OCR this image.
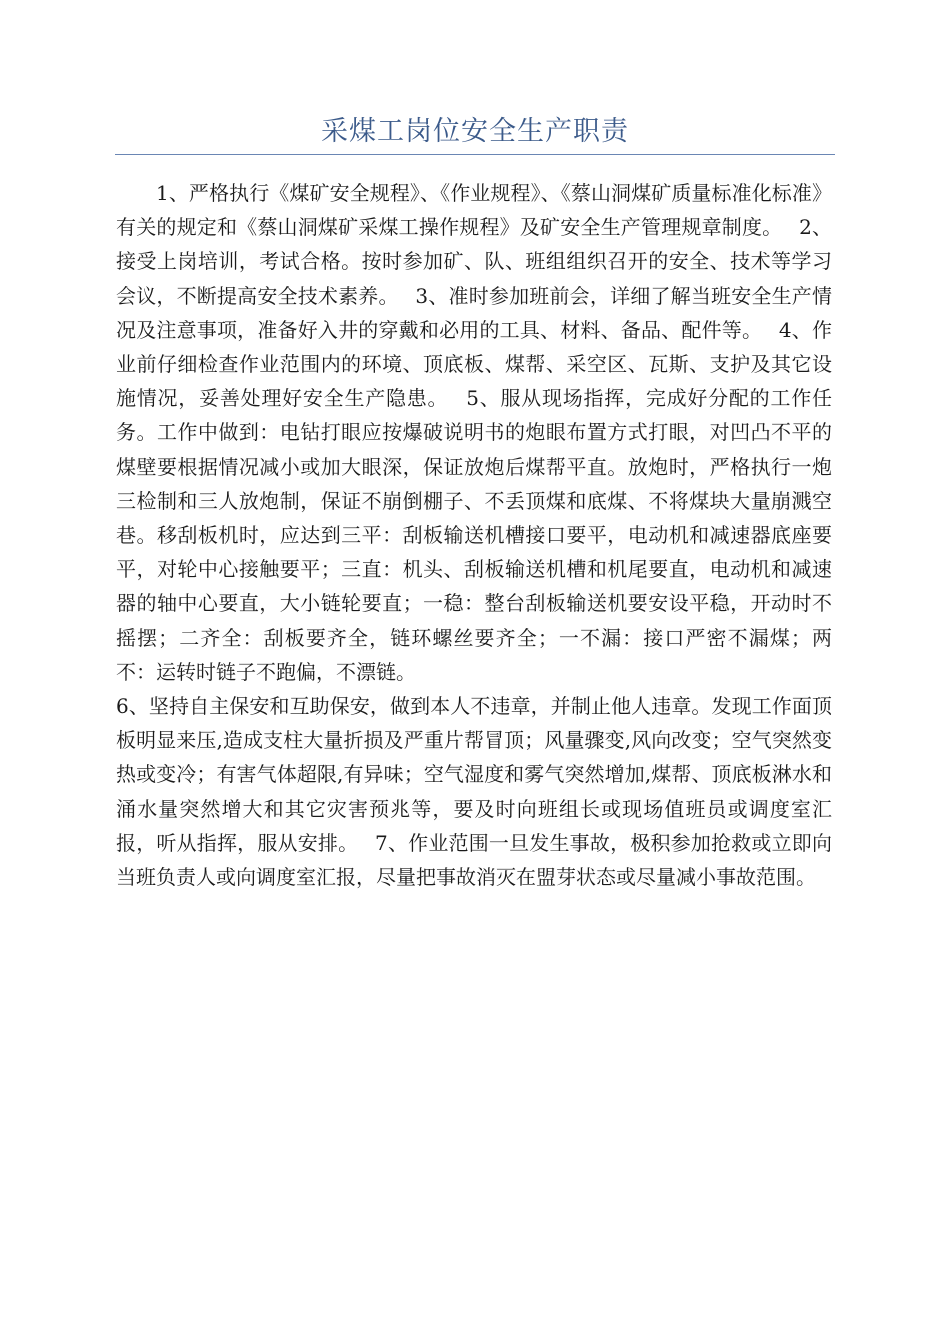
采煤工岗位安全生产职责

1、严格执行《煤矿安全规程》、《作业规程》、《蔡山洞煤矿质量标准化标准》有关的规定和《蔡山洞煤矿采煤工操作规程》及矿安全生产管理规章制度。　 2、接受上岗培训，考试合格。按时参加矿、队、班组组织召开的安全、技术等学习会议，不断提高安全技术素养。　 3、准时参加班前会，详细了解当班安全生产情况及注意事项，准备好入井的穿戴和必用的工具、材料、备品、配件等。　 4、作业前仔细检查作业范围内的环境、顶底板、煤帮、采空区、瓦斯、支护及其它设施情况，妥善处理好安全生产隐患。　 5、服从现场指挥，完成好分配的工作任务。工作中做到：电钻打眼应按爆破说明书的炮眼布置方式打眼，对凹凸不平的煤壁要根据情况减小或加大眼深，保证放炮后煤帮平直。放炮时，严格执行一炮三检制和三人放炮制，保证不崩倒棚子、不丢顶煤和底煤、不将煤块大量崩溅空巷。移刮板机时，应达到三平：刮板输送机槽接口要平，电动机和减速器底座要平，对轮中心接触要平；三直：机头、刮板输送机槽和机尾要直，电动机和减速器的轴中心要直，大小链轮要直；一稳：整台刮板输送机要安设平稳，开动时不摇摆；二齐全：刮板要齐全，链环螺丝要齐全；一不漏：接口严密不漏煤；两不：运转时链子不跑偏，不漂链。

6、坚持自主保安和互助保安，做到本人不违章，并制止他人违章。发现工作面顶板明显来压,造成支柱大量折损及严重片帮冒顶；风量骤变,风向改变；空气突然变热或变冷；有害气体超限,有异味；空气湿度和雾气突然增加,煤帮、顶底板淋水和涌水量突然增大和其它灾害预兆等，要及时向班组长或现场值班员或调度室汇报，听从指挥，服从安排。　 7、作业范围一旦发生事故，极积参加抢救或立即向当班负责人或向调度室汇报，尽量把事故消灭在盟芽状态或尽量减小事故范围。
